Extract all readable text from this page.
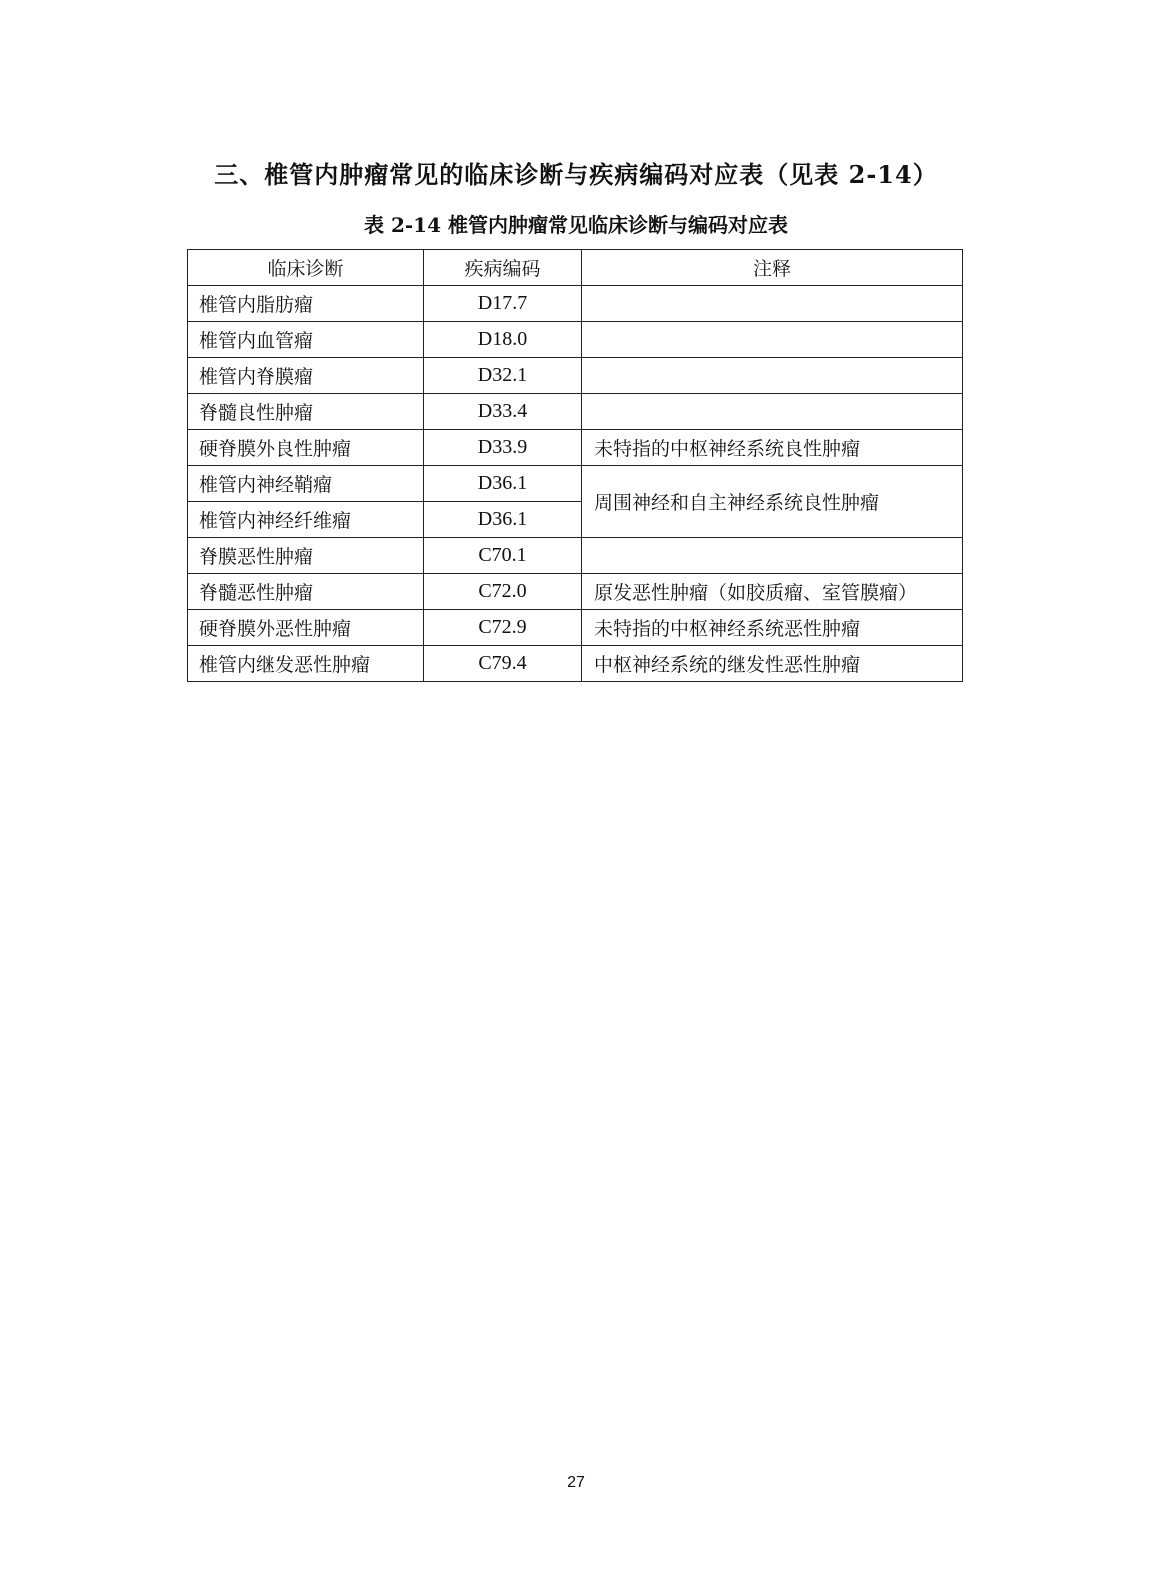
三、椎管内肿瘤常见的临床诊断与疾病编码对应表（见表 2-14）
表 2-14 椎管内肿瘤常见临床诊断与编码对应表
临床诊断	疾病编码	注释
椎管内脂肪瘤	D17.7	
椎管内血管瘤	D18.0	
椎管内脊膜瘤	D32.1	
脊髓良性肿瘤	D33.4	
硬脊膜外良性肿瘤	D33.9	未特指的中枢神经系统良性肿瘤
椎管内神经鞘瘤	D36.1	周围神经和自主神经系统良性肿瘤
椎管内神经纤维瘤	D36.1	
脊膜恶性肿瘤	C70.1	
脊髓恶性肿瘤	C72.0	原发恶性肿瘤（如胶质瘤、室管膜瘤）
硬脊膜外恶性肿瘤	C72.9	未特指的中枢神经系统恶性肿瘤
椎管内继发恶性肿瘤	C79.4	中枢神经系统的继发性恶性肿瘤
27
